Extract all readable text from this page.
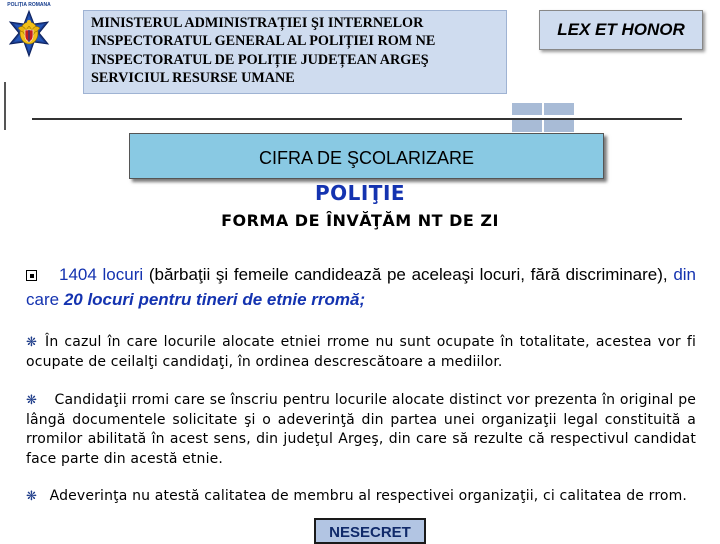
POLIȚIA ROMÂNĂ
MINISTERUL ADMINISTRAȚIEI ŞI INTERNELOR
INSPECTORATUL GENERAL AL POLIȚIEI ROM NE
INSPECTORATUL DE POLIȚIE JUDEȚEAN ARGEŞ
SERVICIUL RESURSE UMANE
LEX ET HONOR
CIFRA DE ŞCOLARIZARE
POLIŢIE
FORMA DE ÎNVĂŢĂM NT DE ZI
1404 locuri (bărbaţii şi femeile candidează pe aceleaşi locuri, fără discriminare), din care 20 locuri pentru tineri de etnie rromă;
❋ În cazul în care locurile alocate etniei rrome nu sunt ocupate în totalitate, acestea vor fi ocupate de ceilalţi candidaţi, în ordinea descrescătoare a mediilor.
❋ Candidaţii rromi care se înscriu pentru locurile alocate distinct vor prezenta în original pe lângă documentele solicitate şi o adeverinţă din partea unei organizaţii legal constituită a rromilor abilitată în acest sens, din judeţul Argeş, din care să rezulte că respectivul candidat face parte din acestă etnie.
❋ Adeverinţa nu atestă calitatea de membru al respectivei organizaţii, ci calitatea de rrom.
NESECRET
